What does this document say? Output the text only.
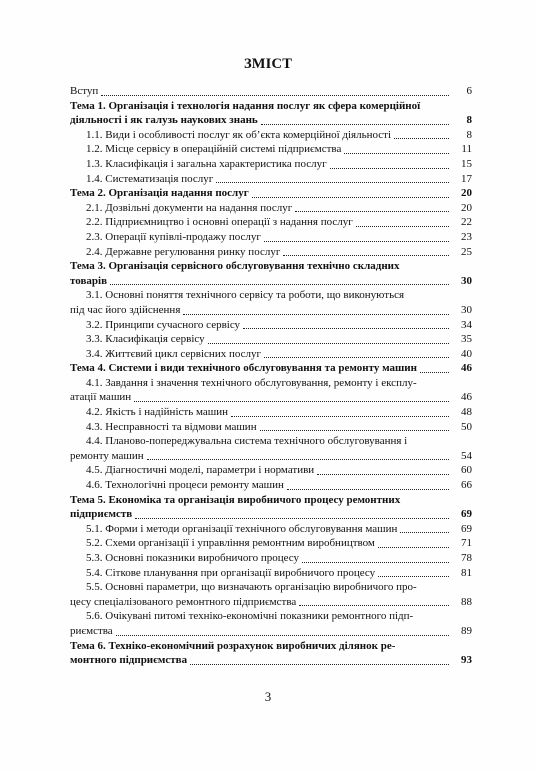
ЗМІСТ
Вступ	6
Тема 1. Організація і технологія надання послуг як сфера комерційної
діяльності і як галузь наукових знань	8
1.1. Види і особливості послуг як об’єкта комерційної діяльності	8
1.2. Місце сервісу в операційній системі підприємства	11
1.3. Класифікація і загальна характеристика послуг	15
1.4. Систематизація послуг	17
Тема 2. Організація надання послуг	20
2.1. Дозвільні документи на надання послуг	20
2.2. Підприємництво і основні операції з надання послуг	22
2.3. Операції купівлі-продажу послуг	23
2.4. Державне регулювання ринку послуг	25
Тема 3. Організація сервісного обслуговування технічно складних
товарів	30
3.1. Основні поняття технічного сервісу та роботи, що виконуються
під час його здійснення	30
3.2. Принципи сучасного сервісу	34
3.3. Класифікація сервісу	35
3.4. Життєвий цикл сервісних послуг	40
Тема 4. Системи і види технічного обслуговування та ремонту машин	46
4.1. Завдання і значення технічного обслуговування, ремонту і експлу-
атації машин	46
4.2. Якість і надійність машин	48
4.3. Несправності та відмови машин	50
4.4. Планово-попереджувальна система технічного обслуговування і
ремонту машин	54
4.5. Діагностичні моделі, параметри і нормативи	60
4.6. Технологічні процеси ремонту машин	66
Тема 5. Економіка та організація виробничого процесу ремонтних
підприємств	69
5.1. Форми і методи організації технічного обслуговування машин	69
5.2. Схеми організації і управління ремонтним виробництвом	71
5.3. Основні показники виробничого процесу	78
5.4. Сіткове планування при організації виробничого процесу	81
5.5. Основні параметри, що визначають організацію виробничого про-
цесу спеціалізованого ремонтного підприємства	88
5.6. Очікувані питомі техніко-економічні показники ремонтного підп-
риємства	89
Тема 6. Техніко-економічний розрахунок виробничих ділянок ре-
монтного підприємства	93
3
